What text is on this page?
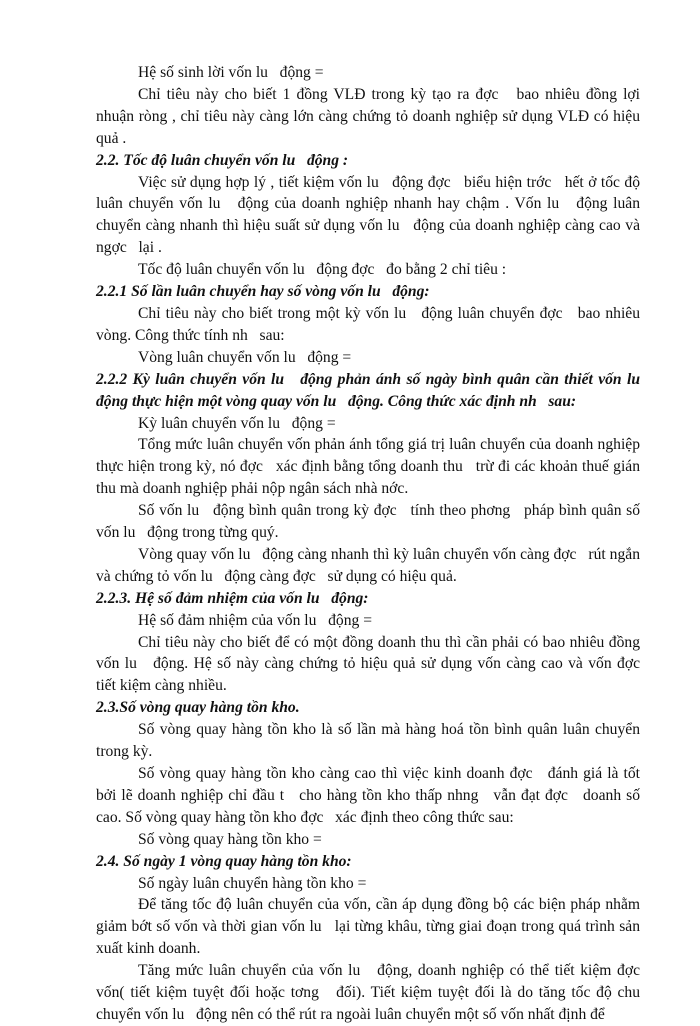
Hệ số sinh lời vốn lu   động =

Chỉ tiêu này cho biết 1 đồng VLĐ trong kỳ tạo ra đợc   bao nhiêu đồng lợi nhuận ròng , chỉ tiêu này càng lớn càng chứng tỏ doanh nghiệp sử dụng VLĐ có hiệu quả .

2.2. Tốc độ luân chuyển vốn lu   động :

Việc sử dụng hợp lý , tiết kiệm vốn lu   động đợc   biểu hiện trớc   hết ở tốc độ luân chuyển vốn lu   động của doanh nghiệp nhanh hay chậm . Vốn lu   động luân chuyển càng nhanh thì hiệu suất sử dụng vốn lu   động của doanh nghiệp càng cao và ngợc   lại .

Tốc độ luân chuyển vốn lu   động đợc   đo bằng 2 chỉ tiêu :

2.2.1 Số lần luân chuyển hay số vòng vốn lu   động:

Chỉ tiêu này cho biết trong một kỳ vốn lu   động luân chuyển đợc   bao nhiêu vòng. Công thức tính nh   sau:

Vòng luân chuyển vốn lu   động =

2.2.2 Kỳ luân chuyển vốn lu   động phản ánh số ngày bình quân cần thiết vốn lu   động thực hiện một vòng quay vốn lu   động. Công thức xác định nh   sau:

Kỳ luân chuyển vốn lu   động =

Tổng mức luân chuyển vốn phản ánh tổng giá trị luân chuyển của doanh nghiệp thực hiện trong kỳ, nó đợc   xác định bằng tổng doanh thu   trừ đi các khoản thuế gián thu mà doanh nghiệp phải nộp ngân sách nhà nớc.

Số vốn lu   động bình quân trong kỳ đợc   tính theo phơng   pháp bình quân số vốn lu   động trong từng quý.

Vòng quay vốn lu   động càng nhanh thì kỳ luân chuyển vốn càng đợc   rút ngắn và chứng tỏ vốn lu   động càng đợc   sử dụng có hiệu quả.

2.2.3. Hệ số đảm nhiệm của vốn lu   động:

Hệ số đảm nhiệm của vốn lu   động =

Chỉ tiêu này cho biết để có một đồng doanh thu thì cần phải có bao nhiêu đồng vốn lu   động. Hệ số này càng chứng tỏ hiệu quả sử dụng vốn càng cao và vốn đợc   tiết kiệm càng nhiều.

2.3.Số vòng quay hàng tồn kho.

Số vòng quay hàng tồn kho là số lần mà hàng hoá tồn bình quân luân chuyển trong kỳ.

Số vòng quay hàng tồn kho càng cao thì việc kinh doanh đợc   đánh giá là tốt bởi lẽ doanh nghiệp chỉ đầu t   cho hàng tồn kho thấp nhng   vẫn đạt đợc   doanh số cao. Số vòng quay hàng tồn kho đợc   xác định theo công thức sau:

Số vòng quay hàng tồn kho =

2.4. Số ngày 1 vòng quay hàng tồn kho:

Số ngày luân chuyển hàng tồn kho =

Để tăng tốc độ luân chuyển của vốn, cần áp dụng đồng bộ các biện pháp nhằm giảm bớt số vốn và thời gian vốn lu   lại từng khâu, từng giai đoạn trong quá trình sản xuất kinh doanh.

Tăng mức luân chuyển của vốn lu   động, doanh nghiệp có thể tiết kiệm đợc   vốn( tiết kiệm tuyệt đối hoặc tơng   đối). Tiết kiệm tuyệt đối là do tăng tốc độ chu chuyển vốn lu   động nên có thể rút ra ngoài luân chuyển một số vốn nhất định để
